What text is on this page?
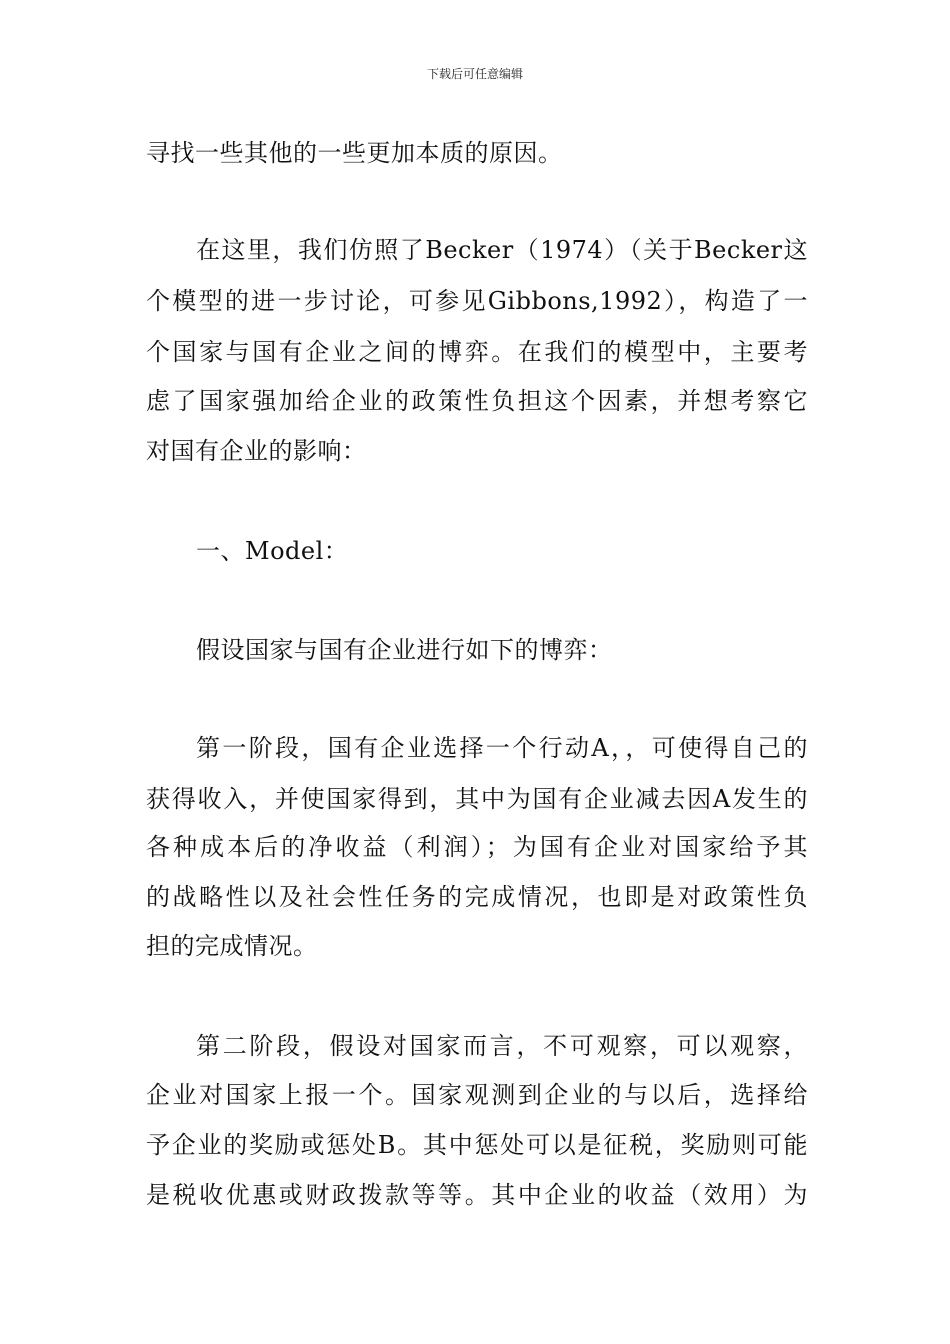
下载后可任意编辑
寻找一些其他的一些更加本质的原因。
在这里，我们仿照了Becker（1974）（关于Becker这
个模型的进一步讨论，可参见Gibbons,1992），构造了一
个国家与国有企业之间的博弈。在我们的模型中，主要考
虑了国家强加给企业的政策性负担这个因素，并想考察它
对国有企业的影响：
一、Model：
假设国家与国有企业进行如下的博弈：
第一阶段，国有企业选择一个行动A，，可使得自己的
获得收入，并使国家得到，其中为国有企业减去因A发生的
各种成本后的净收益（利润）；为国有企业对国家给予其
的战略性以及社会性任务的完成情况，也即是对政策性负
担的完成情况。
第二阶段，假设对国家而言，不可观察，可以观察，
企业对国家上报一个。国家观测到企业的与以后，选择给
予企业的奖励或惩处B。其中惩处可以是征税，奖励则可能
是税收优惠或财政拨款等等。其中企业的收益（效用）为
